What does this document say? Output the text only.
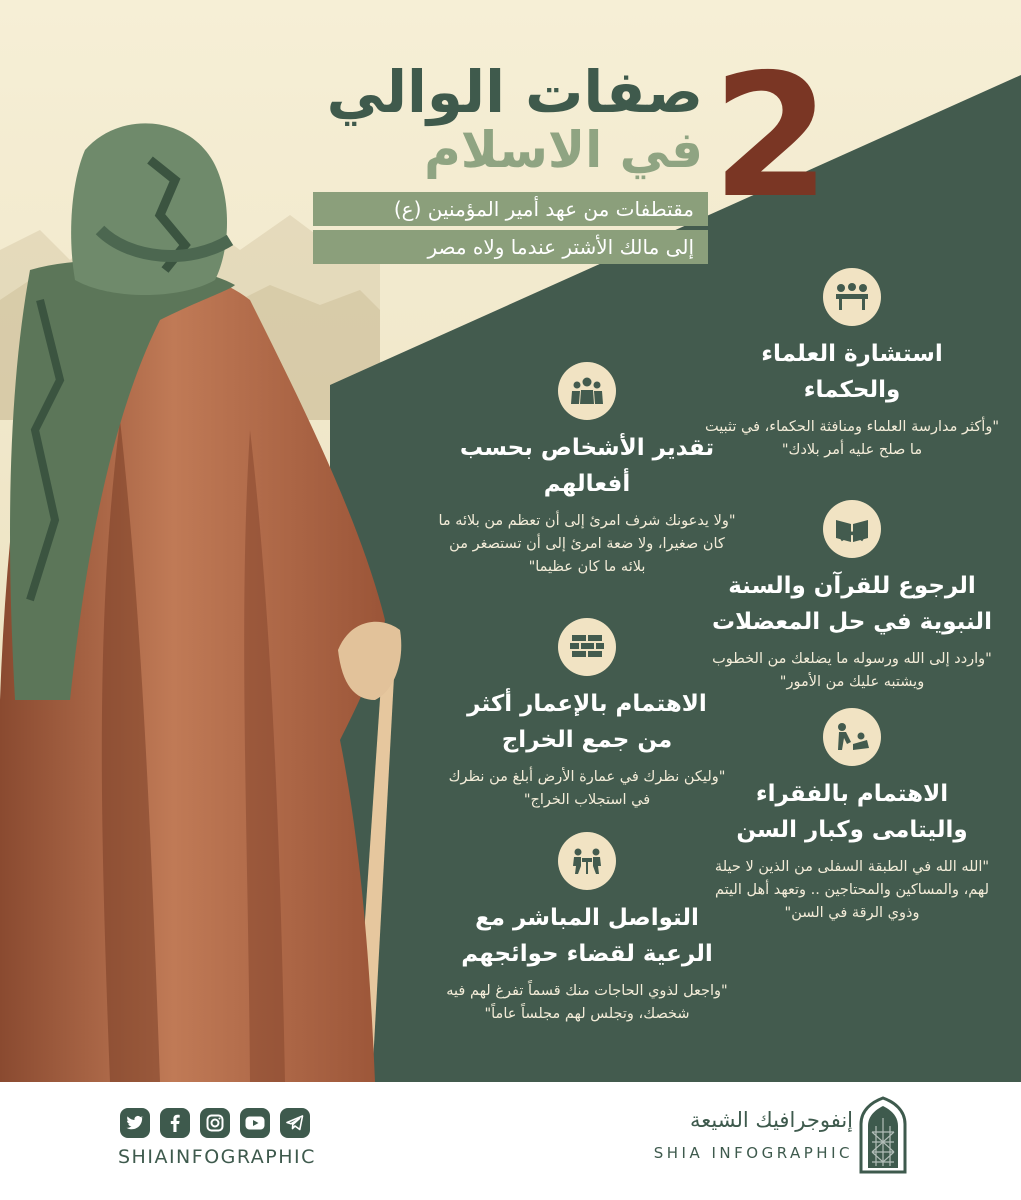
2
صفات الوالي
في الاسلام
مقتطفات من عهد أمير المؤمنين (ع)
إلى مالك الأشتر عندما ولاه مصر
استشارة العلماء
والحكماء
"وأكثر مدارسة العلماء ومنافثة الحكماء، في تثبيت ما صلح عليه أمر بلادك"
الرجوع للقرآن والسنة
النبوية في حل المعضلات
"واردد إلى الله ورسوله ما يضلعك من الخطوب ويشتبه عليك من الأمور"
الاهتمام بالفقراء
واليتامى وكبار السن
"الله الله في الطبقة السفلى من الذين لا حيلة لهم، والمساكين والمحتاجين .. وتعهد أهل اليتم وذوي الرقة في السن"
تقدير الأشخاص بحسب
أفعالهم
"ولا يدعونك شرف امرئ إلى أن تعظم من بلائه ما كان صغيرا، ولا ضعة امرئ إلى أن تستصغر من بلائه ما كان عظيما"
الاهتمام بالإعمار أكثر
من جمع الخراج
"وليكن نظرك في عمارة الأرض أبلغ من نظرك في استجلاب الخراج"
التواصل المباشر مع
الرعية لقضاء حوائجهم
"واجعل لذوي الحاجات منك قسماً تفرغ لهم فيه شخصك، وتجلس لهم مجلساً عاماً"
SHIAINFOGRAPHIC
إنفوجرافيك الشيعة
SHIA INFOGRAPHIC
